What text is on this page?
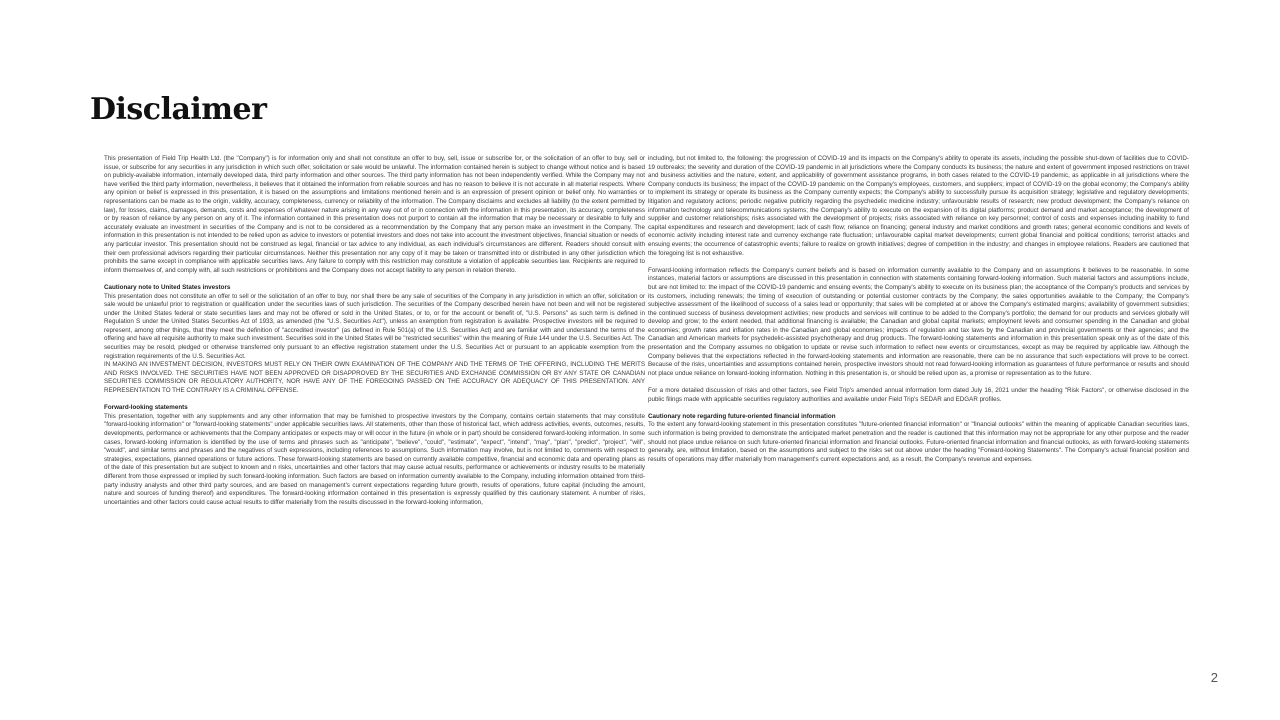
Disclaimer

This presentation of Field Trip Health Ltd. (the "Company") is for information only and shall not constitute an offer to buy, sell, issue or subscribe for, or the solicitation of an offer to buy, sell or issue, or subscribe for any securities in any jurisdiction in which such offer, solicitation or sale would be unlawful. The information contained herein is subject to change without notice and is based on publicly-available information, internally developed data, third party information and other sources. The third party information has not been independently verified. While the Company may not have verified the third party information, nevertheless, it believes that it obtained the information from reliable sources and has no reason to believe it is not accurate in all material respects. Where any opinion or belief is expressed in this presentation, it is based on the assumptions and limitations mentioned herein and is an expression of present opinion or belief only. No warranties or representations can be made as to the origin, validity, accuracy, completeness, currency or reliability of the information. The Company disclaims and excludes all liability (to the extent permitted by law), for losses, claims, damages, demands, costs and expenses of whatever nature arising in any way out of or in connection with the information in this presentation, its accuracy, completeness or by reason of reliance by any person on any of it. The information contained in this presentation does not purport to contain all the information that may be necessary or desirable to fully and accurately evaluate an investment in securities of the Company and is not to be considered as a recommendation by the Company that any person make an investment in the Company. The information in this presentation is not intended to be relied upon as advice to investors or potential investors and does not take into account the investment objectives, financial situation or needs of any particular investor. This presentation should not be construed as legal, financial or tax advice to any individual, as each individual's circumstances are different. Readers should consult with their own professional advisors regarding their particular circumstances. Neither this presentation nor any copy of it may be taken or transmitted into or distributed in any other jurisdiction which prohibits the same except in compliance with applicable securities laws. Any failure to comply with this restriction may constitute a violation of applicable securities law. Recipients are required to inform themselves of, and comply with, all such restrictions or prohibitions and the Company does not accept liability to any person in relation thereto.

Cautionary note to United States investors

This presentation does not constitute an offer to sell or the solicitation of an offer to buy, nor shall there be any sale of securities of the Company in any jurisdiction in which an offer, solicitation or sale would be unlawful prior to registration or qualification under the securities laws of such jurisdiction. The securities of the Company described herein have not been and will not be registered under the United States federal or state securities laws and may not be offered or sold in the United States, or to, or for the account or benefit of, "U.S. Persons" as such term is defined in Regulation S under the United States Securities Act of 1933, as amended (the "U.S. Securities Act"), unless an exemption from registration is available. Prospective investors will be required to represent, among other things, that they meet the definition of "accredited investor" (as defined in Rule 501(a) of the U.S. Securities Act) and are familiar with and understand the terms of the offering and have all requisite authority to make such investment. Securities sold in the United States will be "restricted securities" within the meaning of Rule 144 under the U.S. Securities Act. The securities may be resold, pledged or otherwise transferred only pursuant to an effective registration statement under the U.S. Securities Act or pursuant to an applicable exemption from the registration requirements of the U.S. Securities Act.

IN MAKING AN INVESTMENT DECISION, INVESTORS MUST RELY ON THEIR OWN EXAMINATION OF THE COMPANY AND THE TERMS OF THE OFFERING, INCLUDING THE MERITS AND RISKS INVOLVED. THE SECURITIES HAVE NOT BEEN APPROVED OR DISAPPROVED BY THE SECURITIES AND EXCHANGE COMMISSION OR BY ANY STATE OR CANADIAN SECURITIES COMMISSION OR REGULATORY AUTHORITY, NOR HAVE ANY OF THE FOREGOING PASSED ON THE ACCURACY OR ADEQUACY OF THIS PRESENTATION. ANY REPRESENTATION TO THE CONTRARY IS A CRIMINAL OFFENSE.

Forward-looking statements

This presentation, together with any supplements and any other information that may be furnished to prospective investors by the Company, contains certain statements that may constitute "forward-looking information" or "forward-looking statements" under applicable securities laws. All statements, other than those of historical fact, which address activities, events, outcomes, results, developments, performance or achievements that the Company anticipates or expects may or will occur in the future (in whole or in part) should be considered forward-looking information. In some cases, forward-looking information is identified by the use of terms and phrases such as "anticipate", "believe", "could", "estimate", "expect", "intend", "may", "plan", "predict", "project", "will", "would", and similar terms and phrases and the negatives of such expressions, including references to assumptions. Such information may involve, but is not limited to, comments with respect to strategies, expectations, planned operations or future actions. These forward-looking statements are based on currently available competitive, financial and economic data and operating plans as of the date of this presentation but are subject to known and n risks, uncertainties and other factors that may cause actual results, performance or achievements or industry results to be materially different from those expressed or implied by such forward-looking information. Such factors are based on information currently available to the Company, including information obtained from third-party industry analysts and other third party sources, and are based on management's current expectations regarding future growth, results of operations, future capital (including the amount, nature and sources of funding thereof) and expenditures. The forward-looking information contained in this presentation is expressly qualified by this cautionary statement. A number of risks, uncertainties and other factors could cause actual results to differ materially from the results discussed in the forward-looking information,

including, but not limited to, the following: the progression of COVID-19 and its impacts on the Company's ability to operate its assets, including the possible shut-down of facilities due to COVID-19 outbreaks; the severity and duration of the COVID-19 pandemic in all jurisdictions where the Company conducts its business; the nature and extent of government imposed restrictions on travel and business activities and the nature, extent, and applicability of government assistance programs, in both cases related to the COVID-19 pandemic, as applicable in all jurisdictions where the Company conducts its business; the impact of the COVID-19 pandemic on the Company's employees, customers, and suppliers; impact of COVID-19 on the global economy; the Company's ability to implement its strategy or operate its business as the Company currently expects; the Company's ability to successfully pursue its acquisition strategy; legislative and regulatory developments; litigation and regulatory actions; periodic negative publicity regarding the psychedelic medicine industry; unfavourable results of research; new product development; the Company's reliance on information technology and telecommunications systems; the Company's ability to execute on the expansion of its digital platforms; product demand and market acceptance; the development of supplier and customer relationships; risks associated with the development of projects; risks associated with reliance on key personnel; control of costs and expenses including inability to fund capital expenditures and research and development; lack of cash flow; reliance on financing; general industry and market conditions and growth rates; general economic conditions and levels of economic activity including interest rate and currency exchange rate fluctuation; unfavourable capital market developments; current global financial and political conditions; terrorist attacks and ensuing events; the occurrence of catastrophic events; failure to realize on growth initiatives; degree of competition in the industry; and changes in employee relations. Readers are cautioned that the foregoing list is not exhaustive.

Forward-looking information reflects the Company's current beliefs and is based on information currently available to the Company and on assumptions it believes to be reasonable. In some instances, material factors or assumptions are discussed in this presentation in connection with statements containing forward-looking information. Such material factors and assumptions include, but are not limited to: the impact of the COVID-19 pandemic and ensuing events; the Company's ability to execute on its business plan; the acceptance of the Company's products and services by its customers, including renewals; the timing of execution of outstanding or potential customer contracts by the Company; the sales opportunities available to the Company; the Company's subjective assessment of the likelihood of success of a sales lead or opportunity; that sales will be completed at or above the Company's estimated margins; availability of government subsidies; the continued success of business development activities; new products and services will continue to be added to the Company's portfolio; the demand for our products and services globally will develop and grow; to the extent needed, that additional financing is available; the Canadian and global capital markets; employment levels and consumer spending in the Canadian and global economies; growth rates and inflation rates in the Canadian and global economies; impacts of regulation and tax laws by the Canadian and provincial governments or their agencies; and the Canadian and American markets for psychedelic-assisted psychotherapy and drug products. The forward-looking statements and information in this presentation speak only as of the date of this presentation and the Company assumes no obligation to update or revise such information to reflect new events or circumstances, except as may be required by applicable law. Although the Company believes that the expectations reflected in the forward-looking statements and information are reasonable, there can be no assurance that such expectations will prove to be correct. Because of the risks, uncertainties and assumptions contained herein, prospective investors should not read forward-looking information as guarantees of future performance or results and should not place undue reliance on forward-looking information. Nothing in this presentation is, or should be relied upon as, a promise or representation as to the future.

For a more detailed discussion of risks and other factors, see Field Trip's amended annual information form dated July 16, 2021 under the heading "Risk Factors", or otherwise disclosed in the public filings made with applicable securities regulatory authorities and available under Field Trip's SEDAR and EDGAR profiles.

Cautionary note regarding future-oriented financial information

To the extent any forward-looking statement in this presentation constitutes "future-oriented financial information" or "financial outlooks" within the meaning of applicable Canadian securities laws, such information is being provided to demonstrate the anticipated market penetration and the reader is cautioned that this information may not be appropriate for any other purpose and the reader should not place undue reliance on such future-oriented financial information and financial outlooks. Future-oriented financial information and financial outlooks, as with forward-looking statements generally, are, without limitation, based on the assumptions and subject to the risks set out above under the heading "Forward-looking Statements". The Company's actual financial position and results of operations may differ materially from management's current expectations and, as a result, the Company's revenue and expenses.

2
